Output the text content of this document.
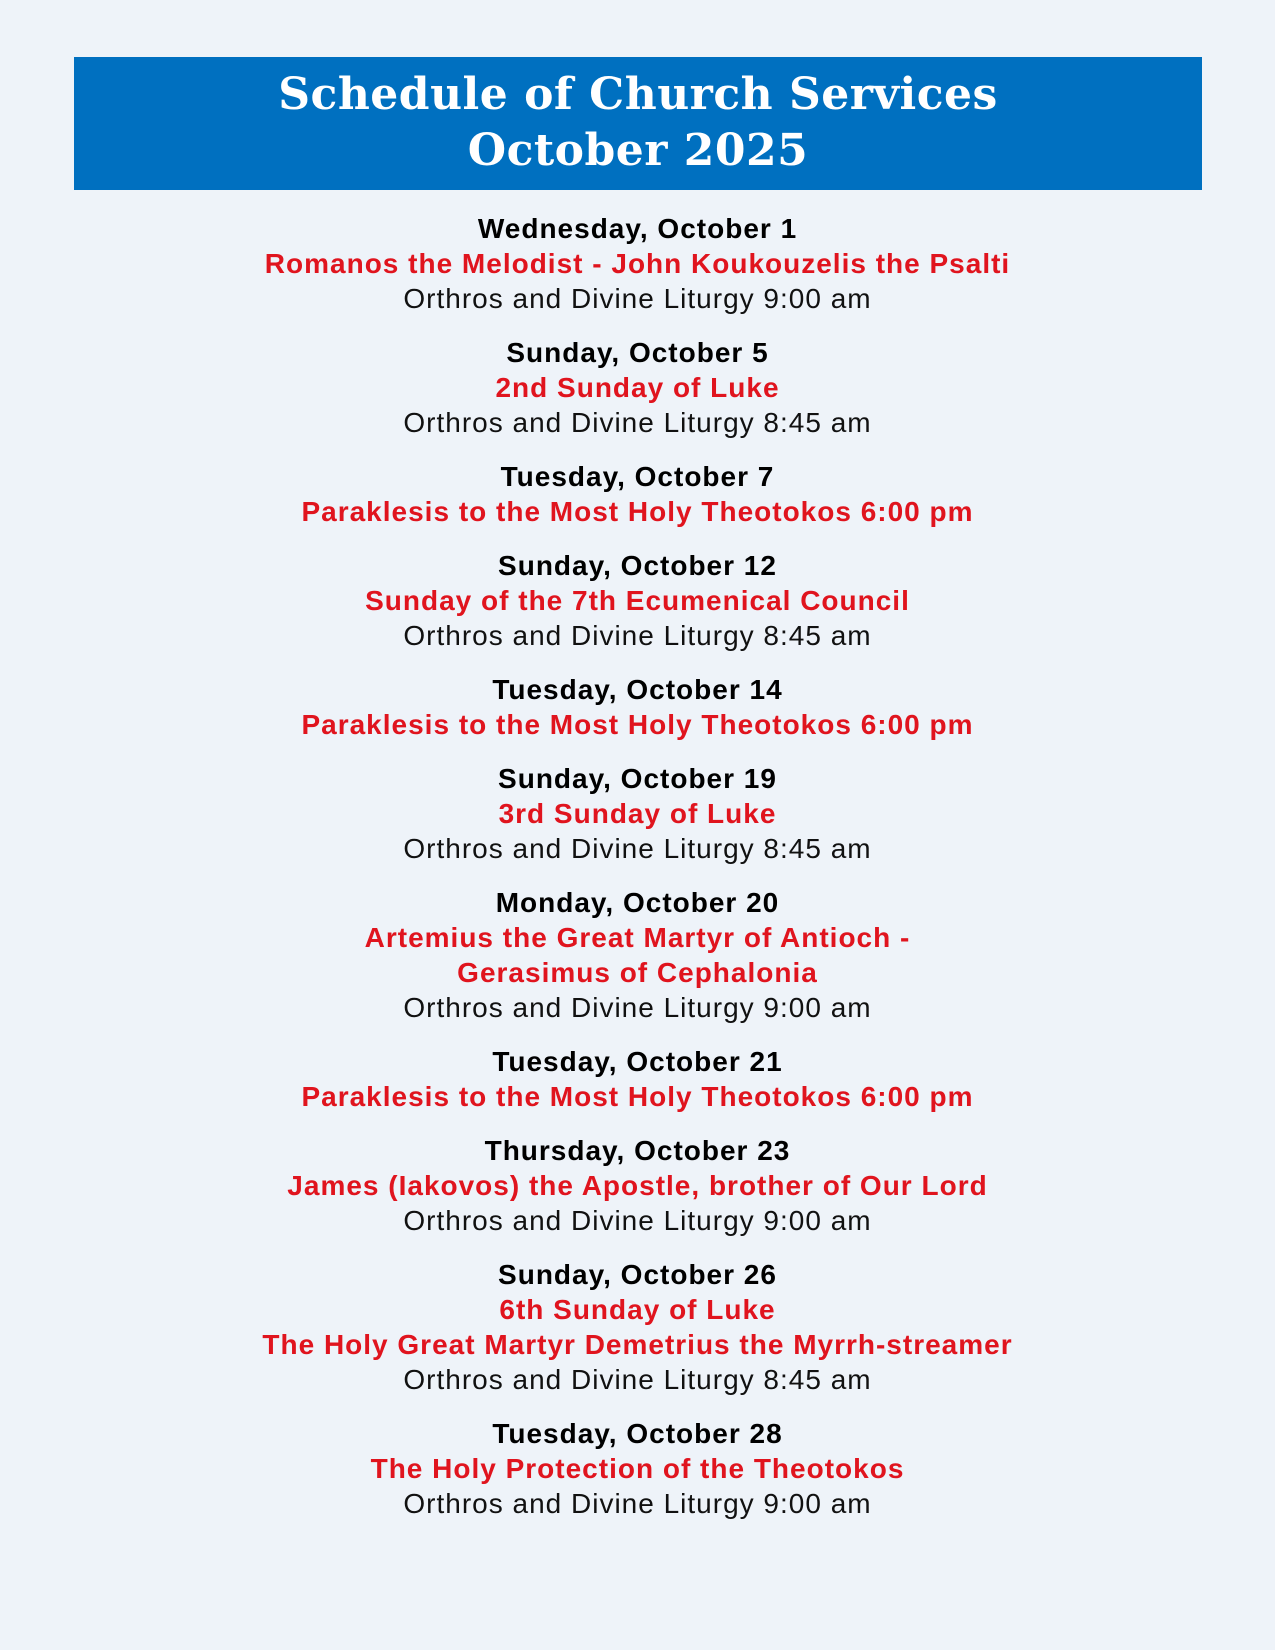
Schedule of Church Services
October 2025
Wednesday, October 1
Romanos the Melodist - John Koukouzelis the Psalti
Orthros and Divine Liturgy 9:00 am
Sunday, October 5
2nd Sunday of Luke
Orthros and Divine Liturgy 8:45 am
Tuesday, October 7
Paraklesis to the Most Holy Theotokos 6:00 pm
Sunday, October 12
Sunday of the 7th Ecumenical Council
Orthros and Divine Liturgy 8:45 am
Tuesday, October 14
Paraklesis to the Most Holy Theotokos 6:00 pm
Sunday, October 19
3rd Sunday of Luke
Orthros and Divine Liturgy 8:45 am
Monday, October 20
Artemius the Great Martyr of Antioch -
Gerasimus of Cephalonia
Orthros and Divine Liturgy 9:00 am
Tuesday, October 21
Paraklesis to the Most Holy Theotokos 6:00 pm
Thursday, October 23
James (Iakovos) the Apostle, brother of Our Lord
Orthros and Divine Liturgy 9:00 am
Sunday, October 26
6th Sunday of Luke
The Holy Great Martyr Demetrius the Myrrh-streamer
Orthros and Divine Liturgy 8:45 am
Tuesday, October 28
The Holy Protection of the Theotokos
Orthros and Divine Liturgy 9:00 am
